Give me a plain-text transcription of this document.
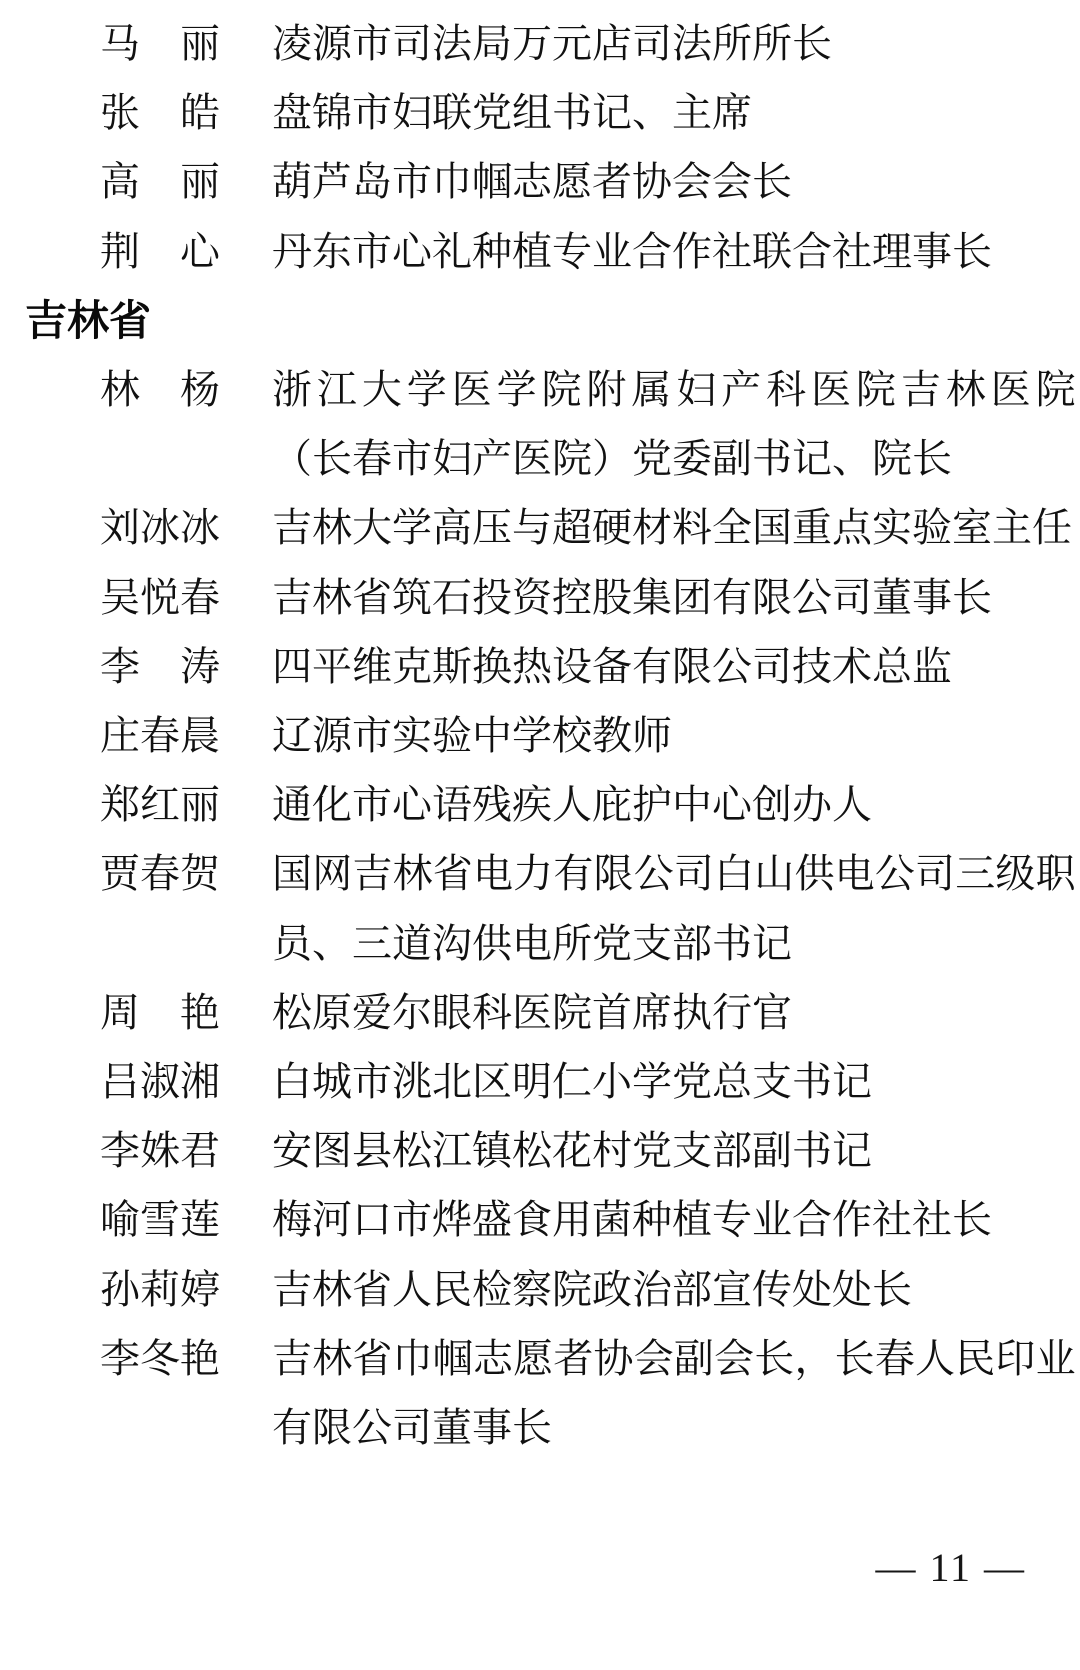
马　丽 凌源市司法局万元店司法所所长
张　皓 盘锦市妇联党组书记、主席
高　丽 葫芦岛市巾帼志愿者协会会长
荆　心 丹东市心礼种植专业合作社联合社理事长
吉林省
林　杨 浙江大学医学院附属妇产科医院吉林医院
（长春市妇产医院）党委副书记、院长
刘冰冰 吉林大学高压与超硬材料全国重点实验室主任
吴悦春 吉林省筑石投资控股集团有限公司董事长
李　涛 四平维克斯换热设备有限公司技术总监
庄春晨 辽源市实验中学校教师
郑红丽 通化市心语残疾人庇护中心创办人
贾春贺 国网吉林省电力有限公司白山供电公司三级职
员、三道沟供电所党支部书记
周　艳 松原爱尔眼科医院首席执行官
吕淑湘 白城市洮北区明仁小学党总支书记
李姝君 安图县松江镇松花村党支部副书记
喻雪莲 梅河口市烨盛食用菌种植专业合作社社长
孙莉婷 吉林省人民检察院政治部宣传处处长
李冬艳 吉林省巾帼志愿者协会副会长，长春人民印业
有限公司董事长
— 11 —
